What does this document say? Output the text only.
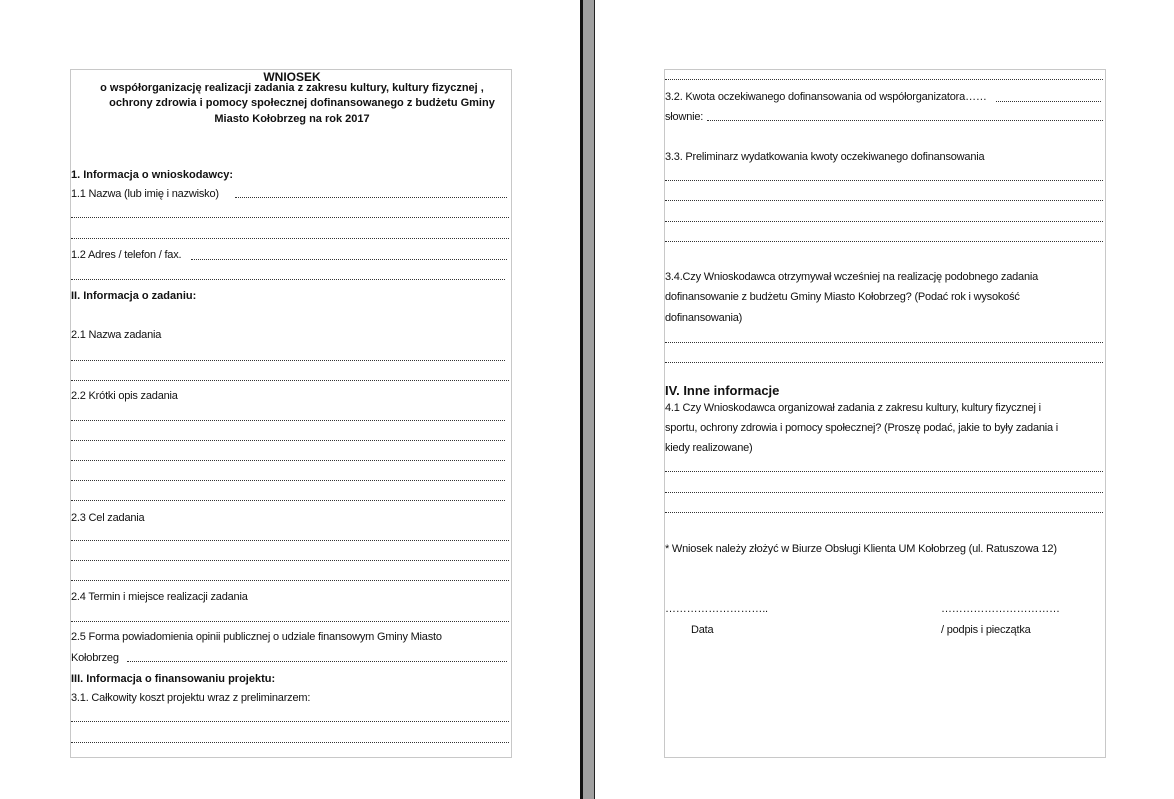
WNIOSEK
o współorganizację realizacji zadania z zakresu kultury, kultury fizycznej ,
ochrony zdrowia i pomocy społecznej dofinansowanego z budżetu Gminy
Miasto Kołobrzeg na rok 2017
1. Informacja o wnioskodawcy:
1.1 Nazwa (lub imię i nazwisko)
1.2 Adres / telefon / fax.
II. Informacja o zadaniu:
2.1 Nazwa zadania
2.2 Krótki opis zadania
2.3 Cel zadania
2.4 Termin i miejsce realizacji zadania
2.5 Forma powiadomienia opinii publicznej o udziale finansowym Gminy Miasto
Kołobrzeg
III. Informacja o finansowaniu projektu:
3.1. Całkowity koszt projektu wraz z preliminarzem:
3.2. Kwota oczekiwanego dofinansowania od współorganizatora……
słownie:
3.3. Preliminarz wydatkowania kwoty oczekiwanego dofinansowania
3.4.Czy Wnioskodawca otrzymywał wcześniej na realizację podobnego zadania
dofinansowanie z budżetu Gminy Miasto Kołobrzeg? (Podać rok i wysokość
dofinansowania)
IV. Inne informacje
4.1 Czy Wnioskodawca organizował zadania z zakresu kultury, kultury fizycznej i
sportu, ochrony zdrowia i pomocy społecznej? (Proszę podać, jakie to były zadania i
kiedy realizowane)
* Wniosek należy złożyć w Biurze Obsługi Klienta UM Kołobrzeg (ul. Ratuszowa 12)
………………………..
Data
……………………………
/ podpis i pieczątka
